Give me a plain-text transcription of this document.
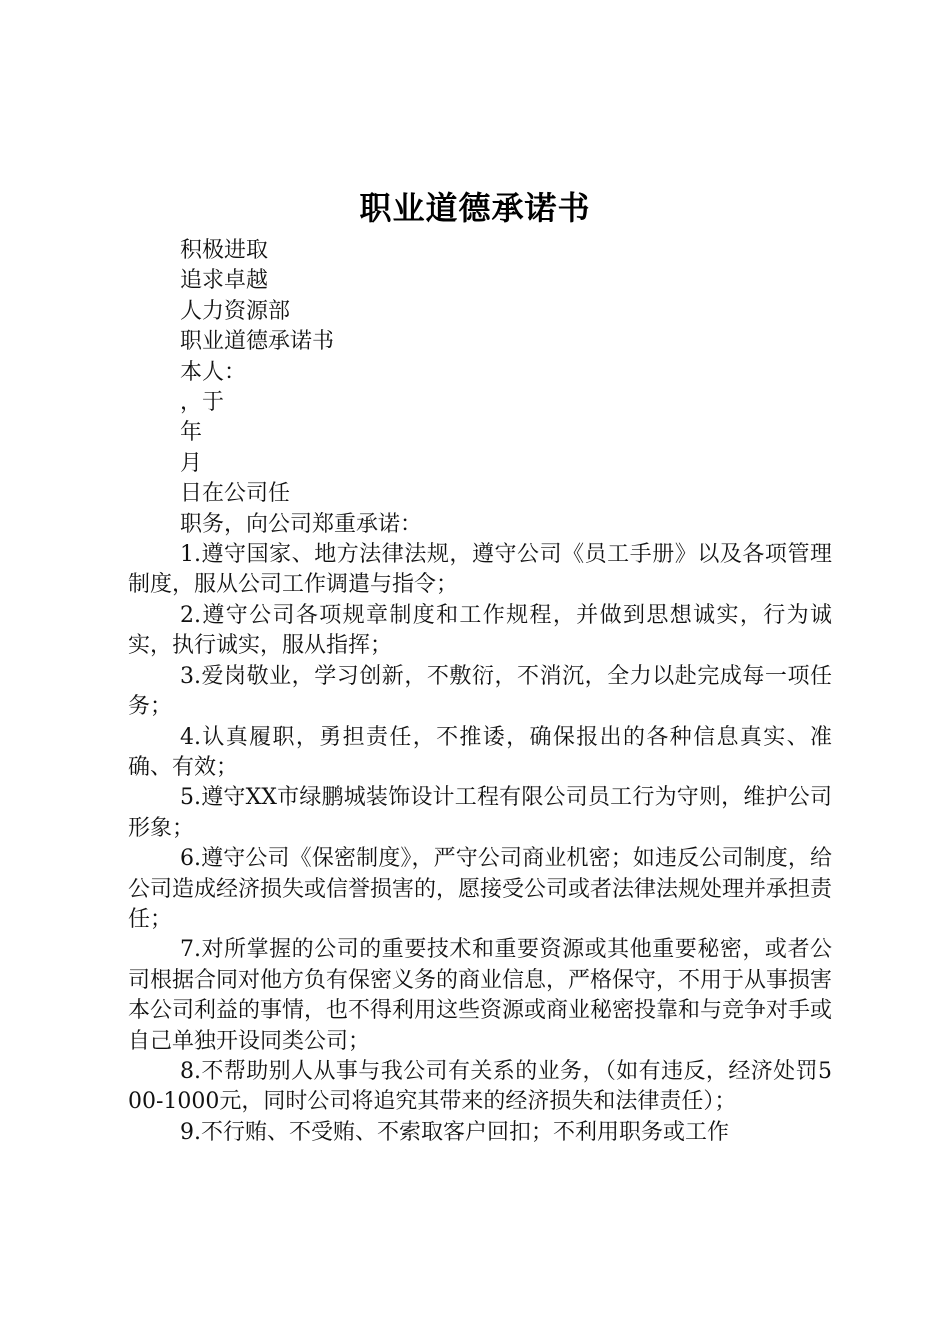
职业道德承诺书
积极进取
追求卓越
人力资源部
职业道德承诺书
本人：
，于
年
月
日在公司任
职务，向公司郑重承诺：

1.遵守国家、地方法律法规，遵守公司《员工手册》以及各项管理制度，服从公司工作调遣与指令；

2.遵守公司各项规章制度和工作规程，并做到思想诚实，行为诚实，执行诚实，服从指挥；

3.爱岗敬业，学习创新，不敷衍，不消沉，全力以赴完成每一项任务；

4.认真履职，勇担责任，不推诿，确保报出的各种信息真实、准确、有效；

5.遵守XX市绿鹏城装饰设计工程有限公司员工行为守则，维护公司形象；

6.遵守公司《保密制度》，严守公司商业机密；如违反公司制度，给公司造成经济损失或信誉损害的，愿接受公司或者法律法规处理并承担责任；

7.对所掌握的公司的重要技术和重要资源或其他重要秘密，或者公司根据合同对他方负有保密义务的商业信息，严格保守，不用于从事损害本公司利益的事情，也不得利用这些资源或商业秘密投靠和与竞争对手或自己单独开设同类公司；

8.不帮助别人从事与我公司有关系的业务，（如有违反，经济处罚500-1000元，同时公司将追究其带来的经济损失和法律责任）；

9.不行贿、不受贿、不索取客户回扣；不利用职务或工作
